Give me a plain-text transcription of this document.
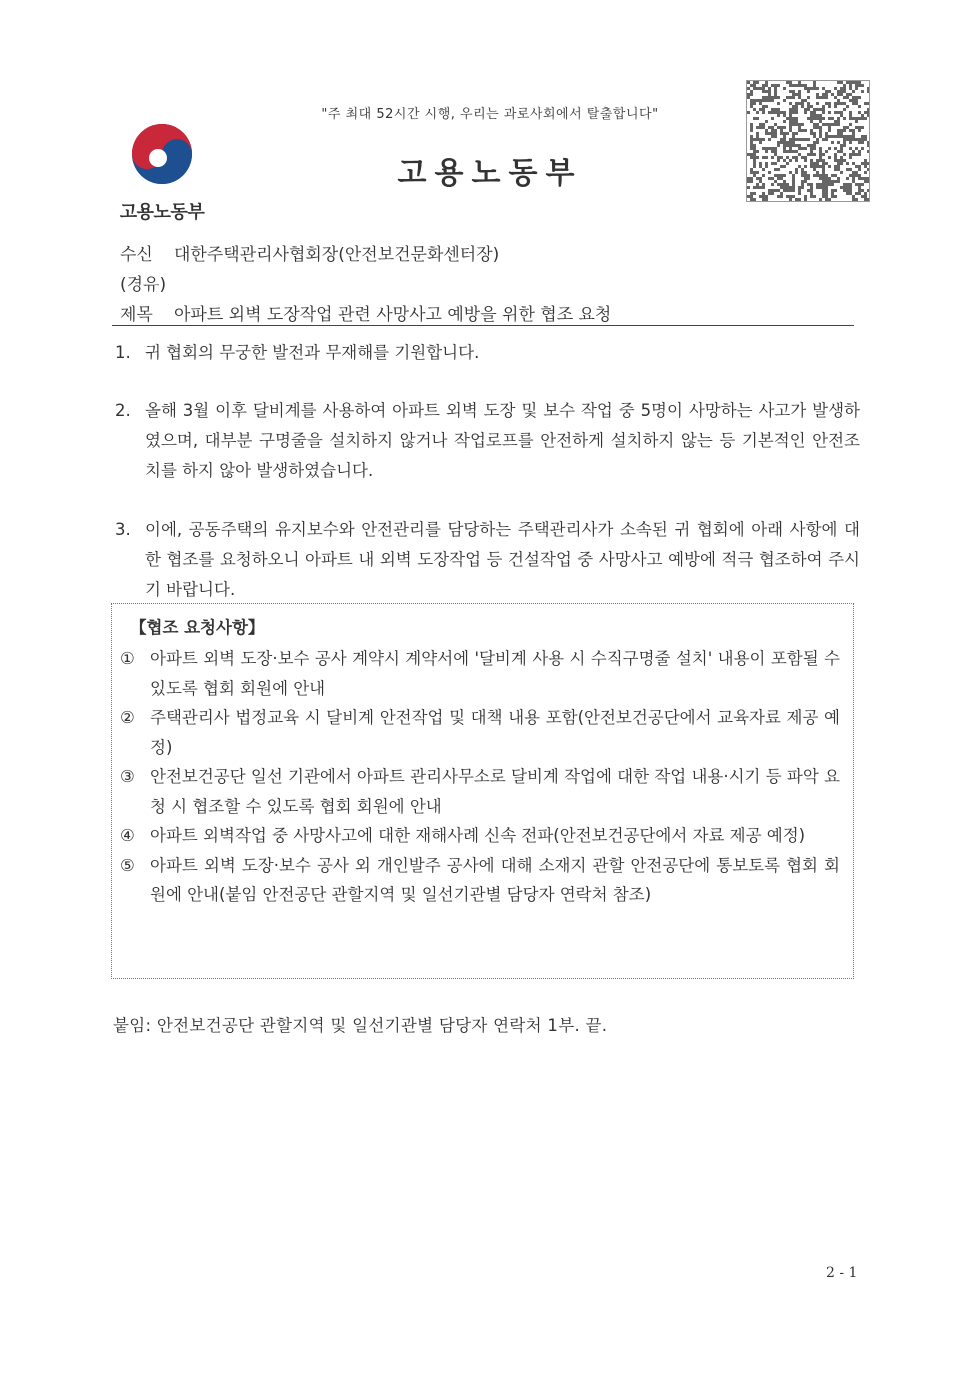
"주 최대 52시간 시행, 우리는 과로사회에서 탈출합니다"
고용노동부
고용노동부
수신 대한주택관리사협회장(안전보건문화센터장)
(경유)
제목 아파트 외벽 도장작업 관련 사망사고 예방을 위한 협조 요청
1. 귀 협회의 무궁한 발전과 무재해를 기원합니다.
2. 올해 3월 이후 달비계를 사용하여 아파트 외벽 도장 및 보수 작업 중 5명이 사망하는 사고가 발생하였으며, 대부분 구명줄을 설치하지 않거나 작업로프를 안전하게 설치하지 않는 등 기본적인 안전조치를 하지 않아 발생하였습니다.
3. 이에, 공동주택의 유지보수와 안전관리를 담당하는 주택관리사가 소속된 귀 협회에 아래 사항에 대한 협조를 요청하오니 아파트 내 외벽 도장작업 등 건설작업 중 사망사고 예방에 적극 협조하여 주시기 바랍니다.
【협조 요청사항】
① 아파트 외벽 도장·보수 공사 계약시 계약서에 '달비계 사용 시 수직구명줄 설치' 내용이 포함될 수 있도록 협회 회원에 안내
② 주택관리사 법정교육 시 달비계 안전작업 및 대책 내용 포함(안전보건공단에서 교육자료 제공 예정)
③ 안전보건공단 일선 기관에서 아파트 관리사무소로 달비계 작업에 대한 작업 내용·시기 등 파악 요청 시 협조할 수 있도록 협회 회원에 안내
④ 아파트 외벽작업 중 사망사고에 대한 재해사례 신속 전파(안전보건공단에서 자료 제공 예정)
⑤ 아파트 외벽 도장·보수 공사 외 개인발주 공사에 대해 소재지 관할 안전공단에 통보토록 협회 회원에 안내(붙임 안전공단 관할지역 및 일선기관별 담당자 연락처 참조)
붙임: 안전보건공단 관할지역 및 일선기관별 담당자 연락처 1부. 끝.
2 - 1
